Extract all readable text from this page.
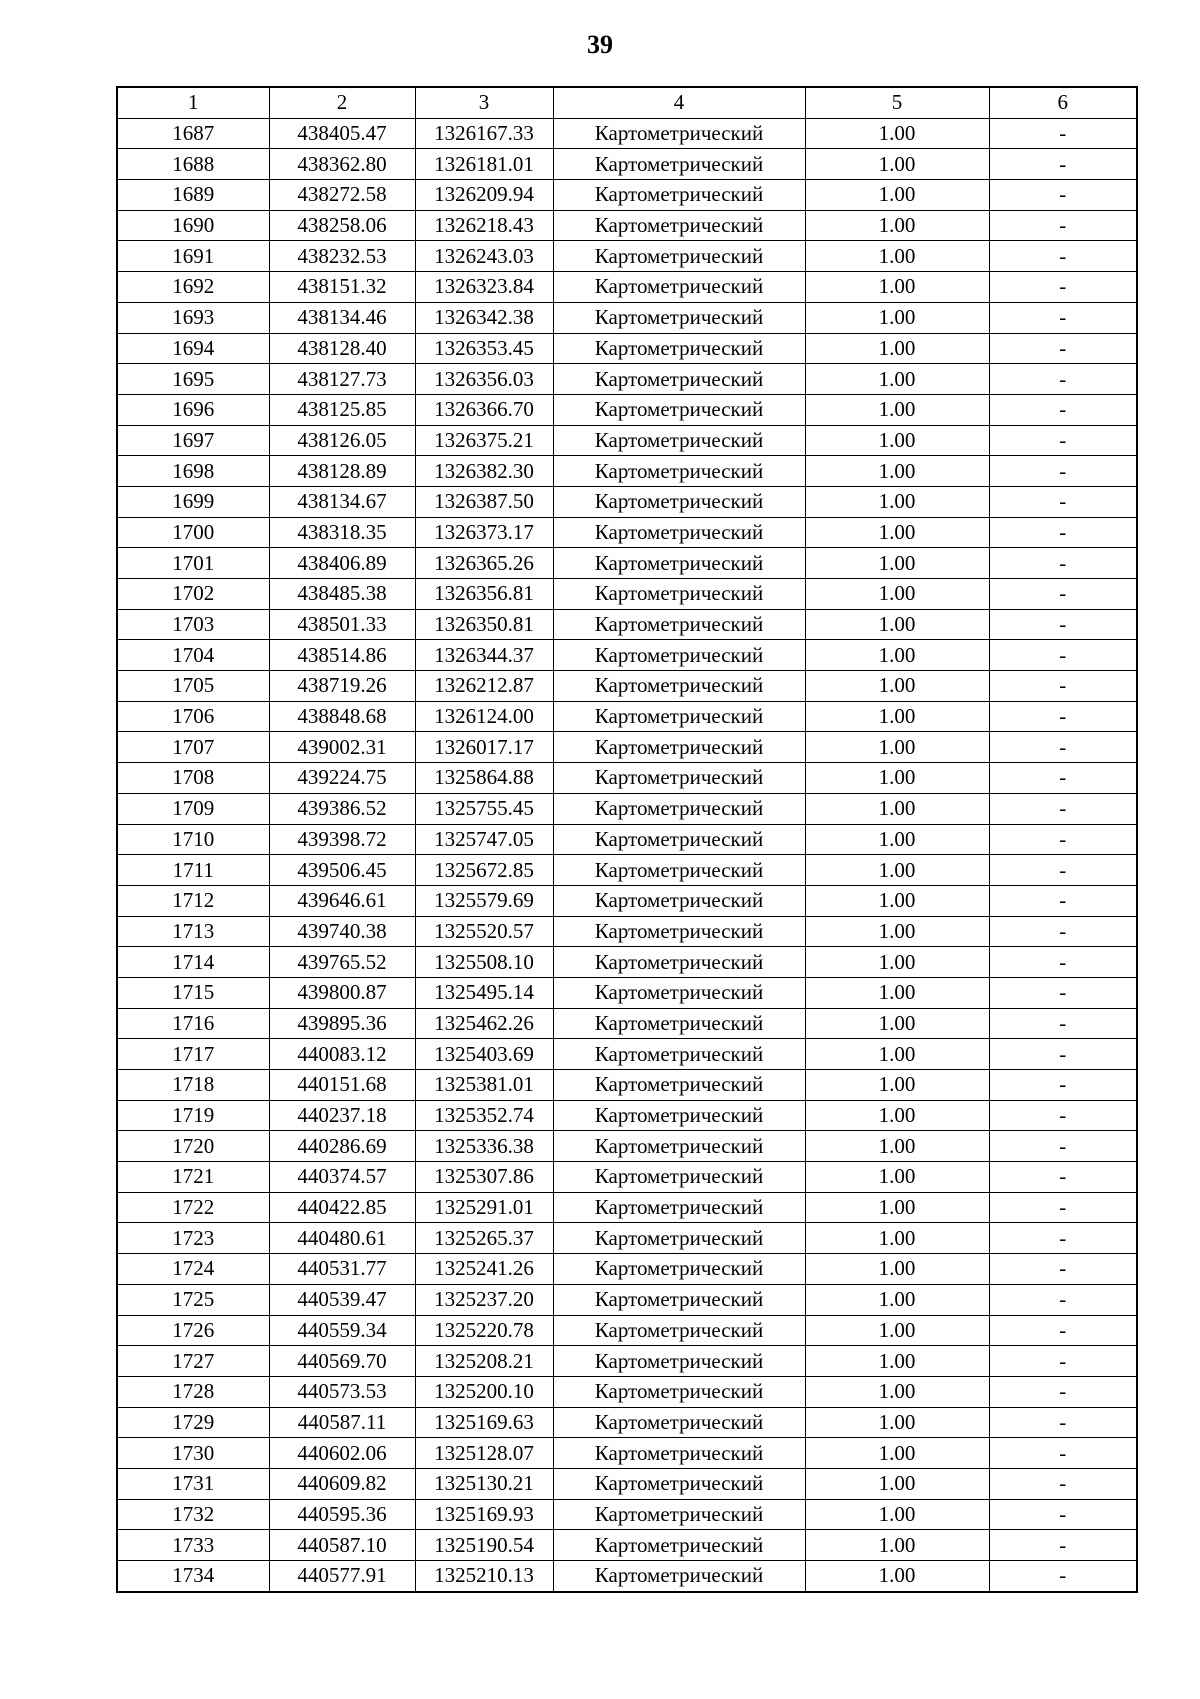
39
1	2	3	4	5	6
1687	438405.47	1326167.33	Картометрический	1.00	-
1688	438362.80	1326181.01	Картометрический	1.00	-
1689	438272.58	1326209.94	Картометрический	1.00	-
1690	438258.06	1326218.43	Картометрический	1.00	-
1691	438232.53	1326243.03	Картометрический	1.00	-
1692	438151.32	1326323.84	Картометрический	1.00	-
1693	438134.46	1326342.38	Картометрический	1.00	-
1694	438128.40	1326353.45	Картометрический	1.00	-
1695	438127.73	1326356.03	Картометрический	1.00	-
1696	438125.85	1326366.70	Картометрический	1.00	-
1697	438126.05	1326375.21	Картометрический	1.00	-
1698	438128.89	1326382.30	Картометрический	1.00	-
1699	438134.67	1326387.50	Картометрический	1.00	-
1700	438318.35	1326373.17	Картометрический	1.00	-
1701	438406.89	1326365.26	Картометрический	1.00	-
1702	438485.38	1326356.81	Картометрический	1.00	-
1703	438501.33	1326350.81	Картометрический	1.00	-
1704	438514.86	1326344.37	Картометрический	1.00	-
1705	438719.26	1326212.87	Картометрический	1.00	-
1706	438848.68	1326124.00	Картометрический	1.00	-
1707	439002.31	1326017.17	Картометрический	1.00	-
1708	439224.75	1325864.88	Картометрический	1.00	-
1709	439386.52	1325755.45	Картометрический	1.00	-
1710	439398.72	1325747.05	Картометрический	1.00	-
1711	439506.45	1325672.85	Картометрический	1.00	-
1712	439646.61	1325579.69	Картометрический	1.00	-
1713	439740.38	1325520.57	Картометрический	1.00	-
1714	439765.52	1325508.10	Картометрический	1.00	-
1715	439800.87	1325495.14	Картометрический	1.00	-
1716	439895.36	1325462.26	Картометрический	1.00	-
1717	440083.12	1325403.69	Картометрический	1.00	-
1718	440151.68	1325381.01	Картометрический	1.00	-
1719	440237.18	1325352.74	Картометрический	1.00	-
1720	440286.69	1325336.38	Картометрический	1.00	-
1721	440374.57	1325307.86	Картометрический	1.00	-
1722	440422.85	1325291.01	Картометрический	1.00	-
1723	440480.61	1325265.37	Картометрический	1.00	-
1724	440531.77	1325241.26	Картометрический	1.00	-
1725	440539.47	1325237.20	Картометрический	1.00	-
1726	440559.34	1325220.78	Картометрический	1.00	-
1727	440569.70	1325208.21	Картометрический	1.00	-
1728	440573.53	1325200.10	Картометрический	1.00	-
1729	440587.11	1325169.63	Картометрический	1.00	-
1730	440602.06	1325128.07	Картометрический	1.00	-
1731	440609.82	1325130.21	Картометрический	1.00	-
1732	440595.36	1325169.93	Картометрический	1.00	-
1733	440587.10	1325190.54	Картометрический	1.00	-
1734	440577.91	1325210.13	Картометрический	1.00	-
